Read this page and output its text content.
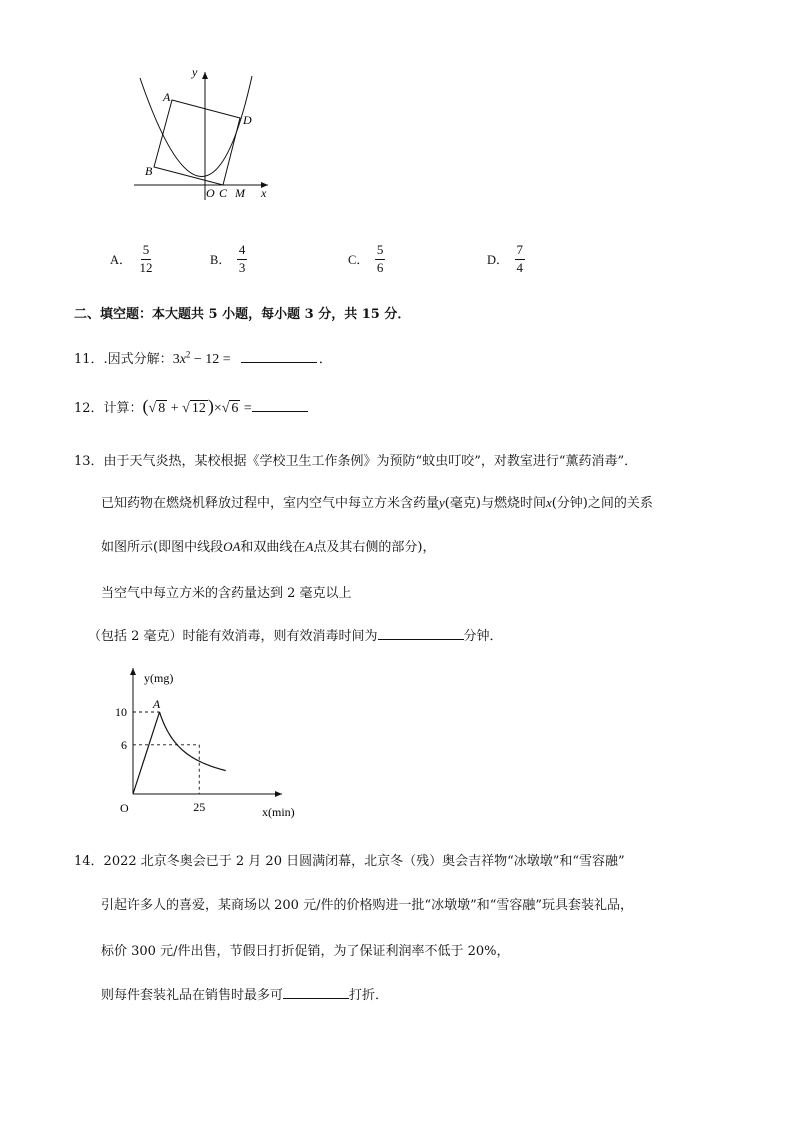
y
x
A
B
D
O C M
A． $\frac{5}{12}$	B． $\frac{4}{3}$	C． $\frac{5}{6}$	D． $\frac{7}{4}$
二、填空题：本大题共 5 小题，每小题 3 分，共 15 分．
11．.因式分解：$3x^2 - 12$ =	．
12．计算：(√ 8 + √ 12 )×√ 6 =
13．由于天气炎热，某校根据《学校卫生工作条例》为预防“蚊虫叮咬”，对教室进行“薰药消毒”．
已知药物在燃烧机释放过程中，室内空气中每立方米含药量y(毫克)与燃烧时间x(分钟)之间的关系
如图所示(即图中线段OA和双曲线在A点及其右侧的部分)，
当空气中每立方米的含药量达到 2 毫克以上
（包括 2 毫克）时能有效消毒，则有效消毒时间为	分钟．
y(mg)
x(min)
O
10
6
25
A
14．2022 北京冬奥会已于 2 月 20 日圆满闭幕，北京冬（残）奥会吉祥物“冰墩墩”和“雪容融”
引起许多人的喜爱，某商场以 200 元/件的价格购进一批“冰墩墩”和“雪容融”玩具套装礼品，
标价 300 元/件出售，节假日打折促销，为了保证利润率不低于 20%，
则每件套装礼品在销售时最多可	打折．
